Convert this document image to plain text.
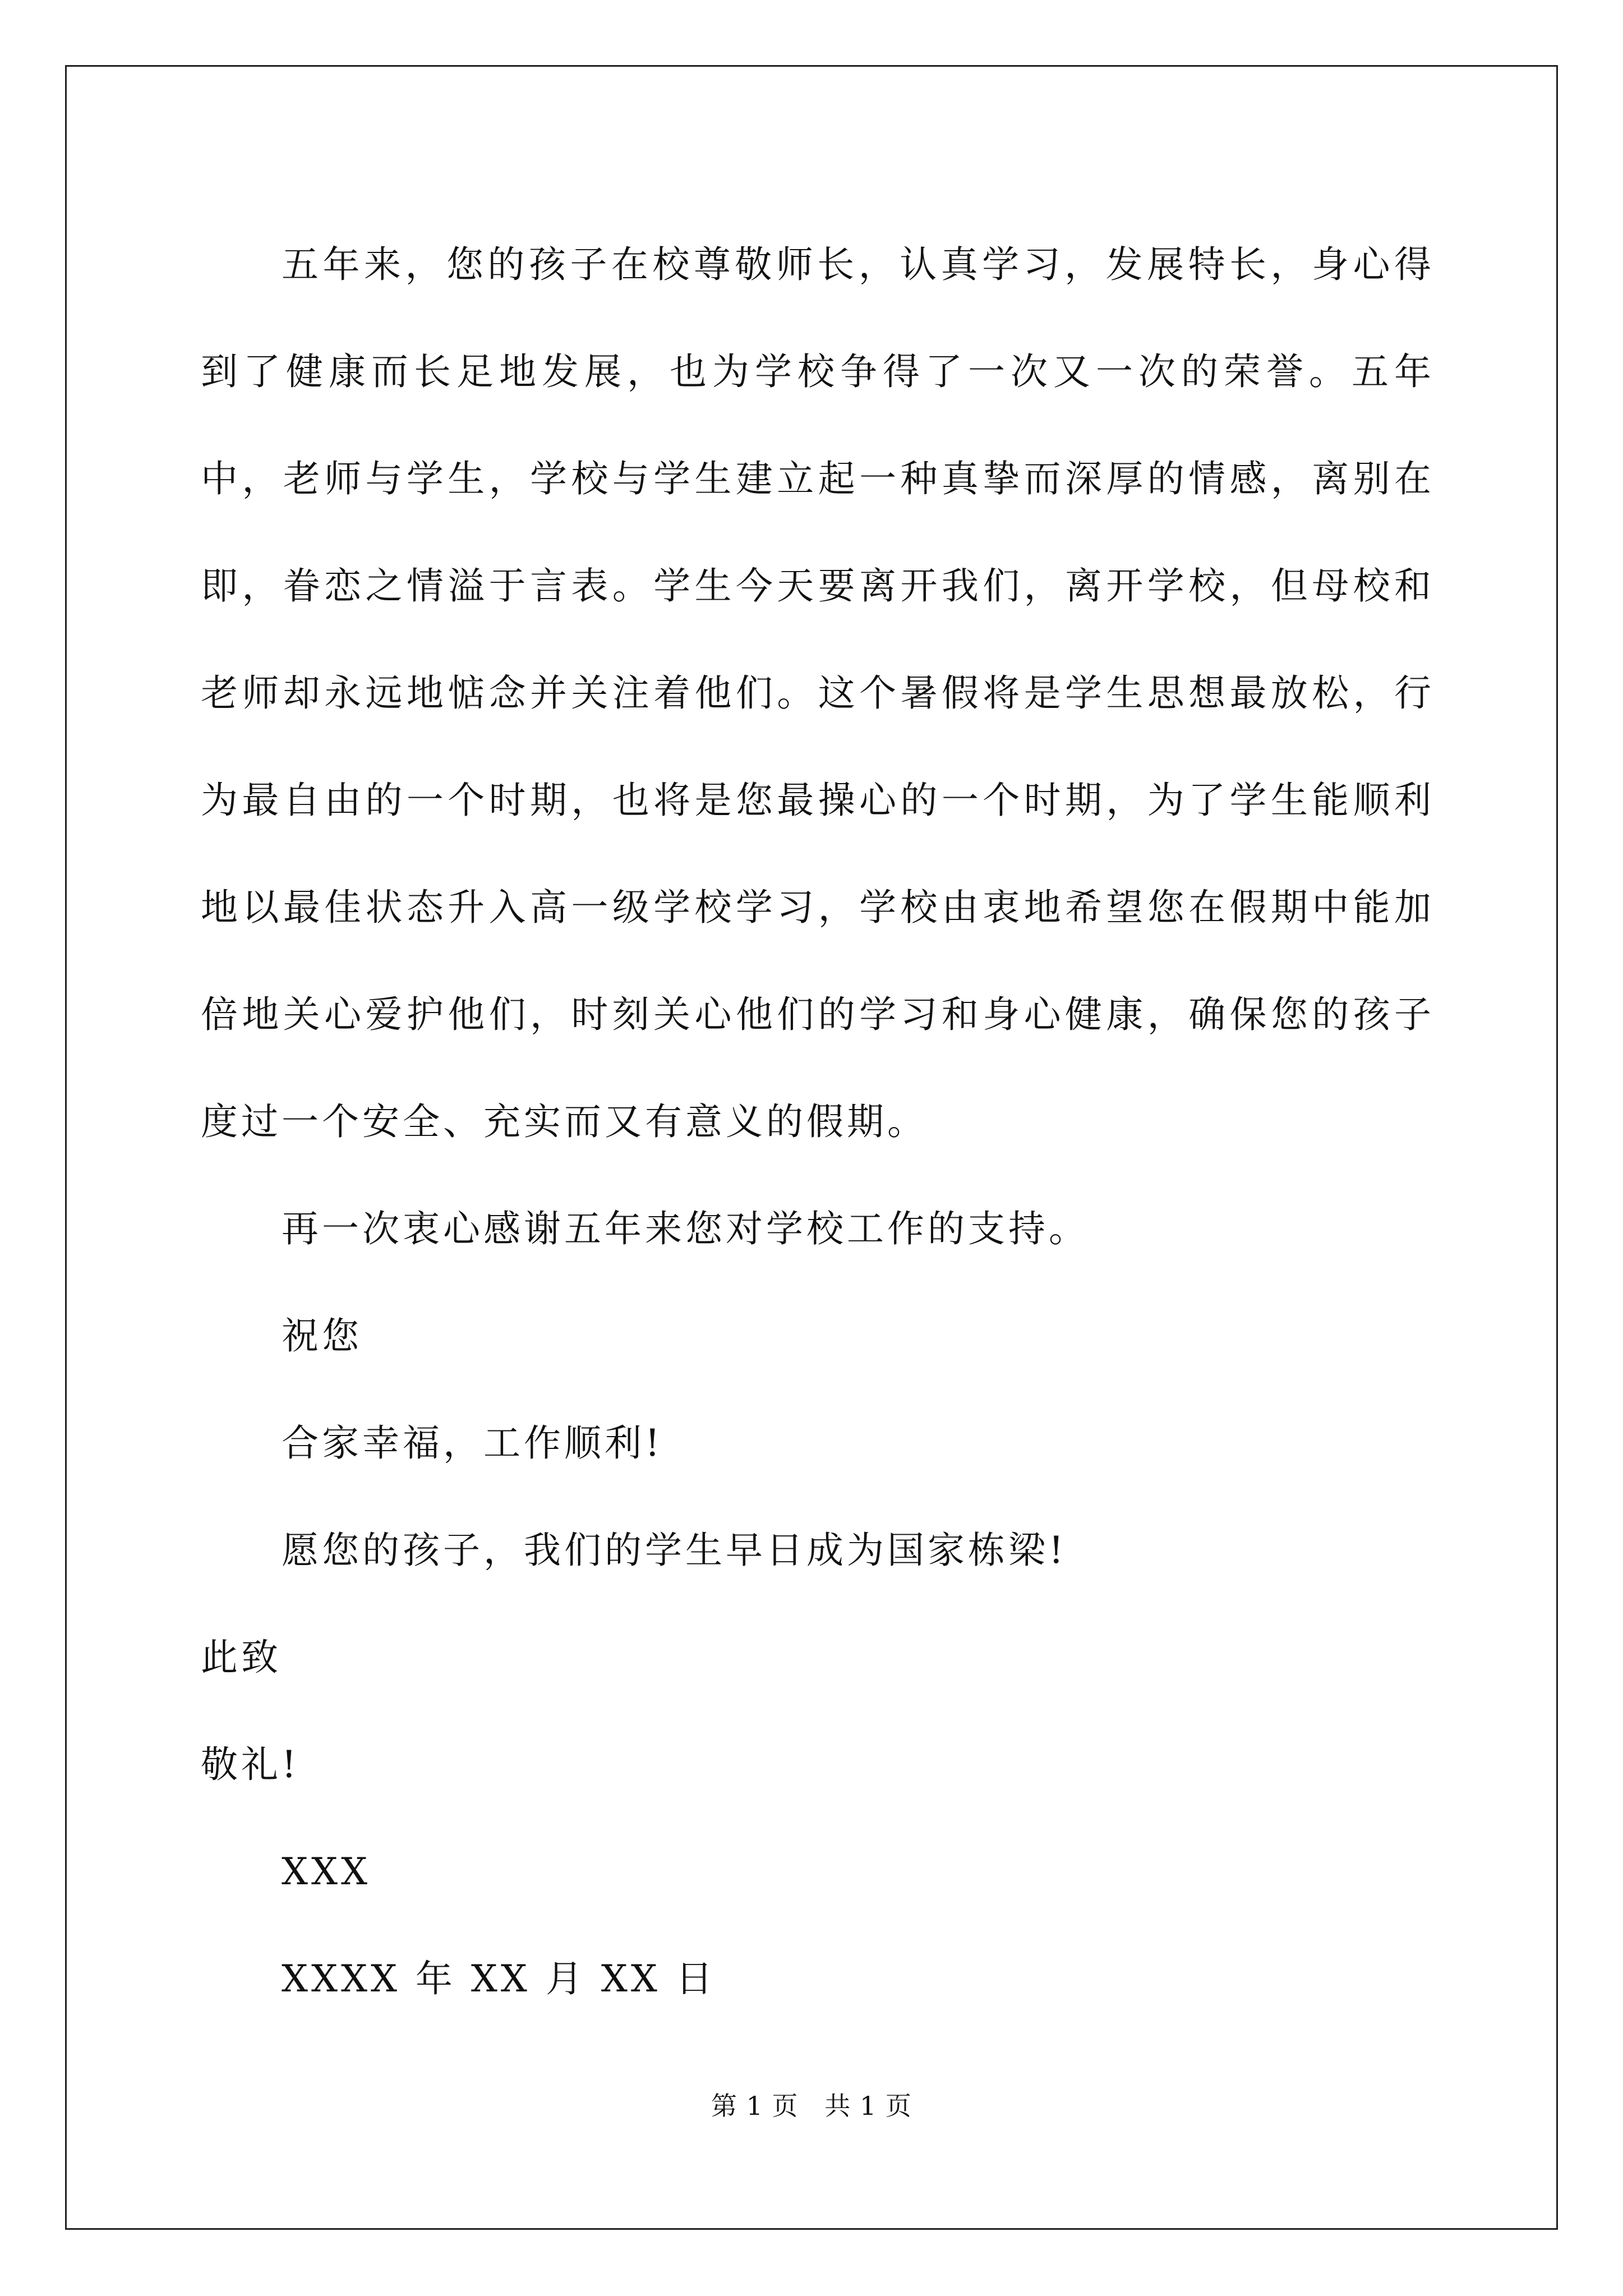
五年来，您的孩子在校尊敬师长，认真学习，发展特长，身心得到了健康而长足地发展，也为学校争得了一次又一次的荣誉。五年中，老师与学生，学校与学生建立起一种真挚而深厚的情感，离别在即，眷恋之情溢于言表。学生今天要离开我们，离开学校，但母校和老师却永远地惦念并关注着他们。这个暑假将是学生思想最放松，行为最自由的一个时期，也将是您最操心的一个时期，为了学生能顺利地以最佳状态升入高一级学校学习，学校由衷地希望您在假期中能加倍地关心爱护他们，时刻关心他们的学习和身心健康，确保您的孩子度过一个安全、充实而又有意义的假期。

再一次衷心感谢五年来您对学校工作的支持。

祝您

合家幸福，工作顺利!

愿您的孩子，我们的学生早日成为国家栋梁!

此致

敬礼!

XXX

XXXX 年 XX 月 XX 日

第 1 页   共 1 页
